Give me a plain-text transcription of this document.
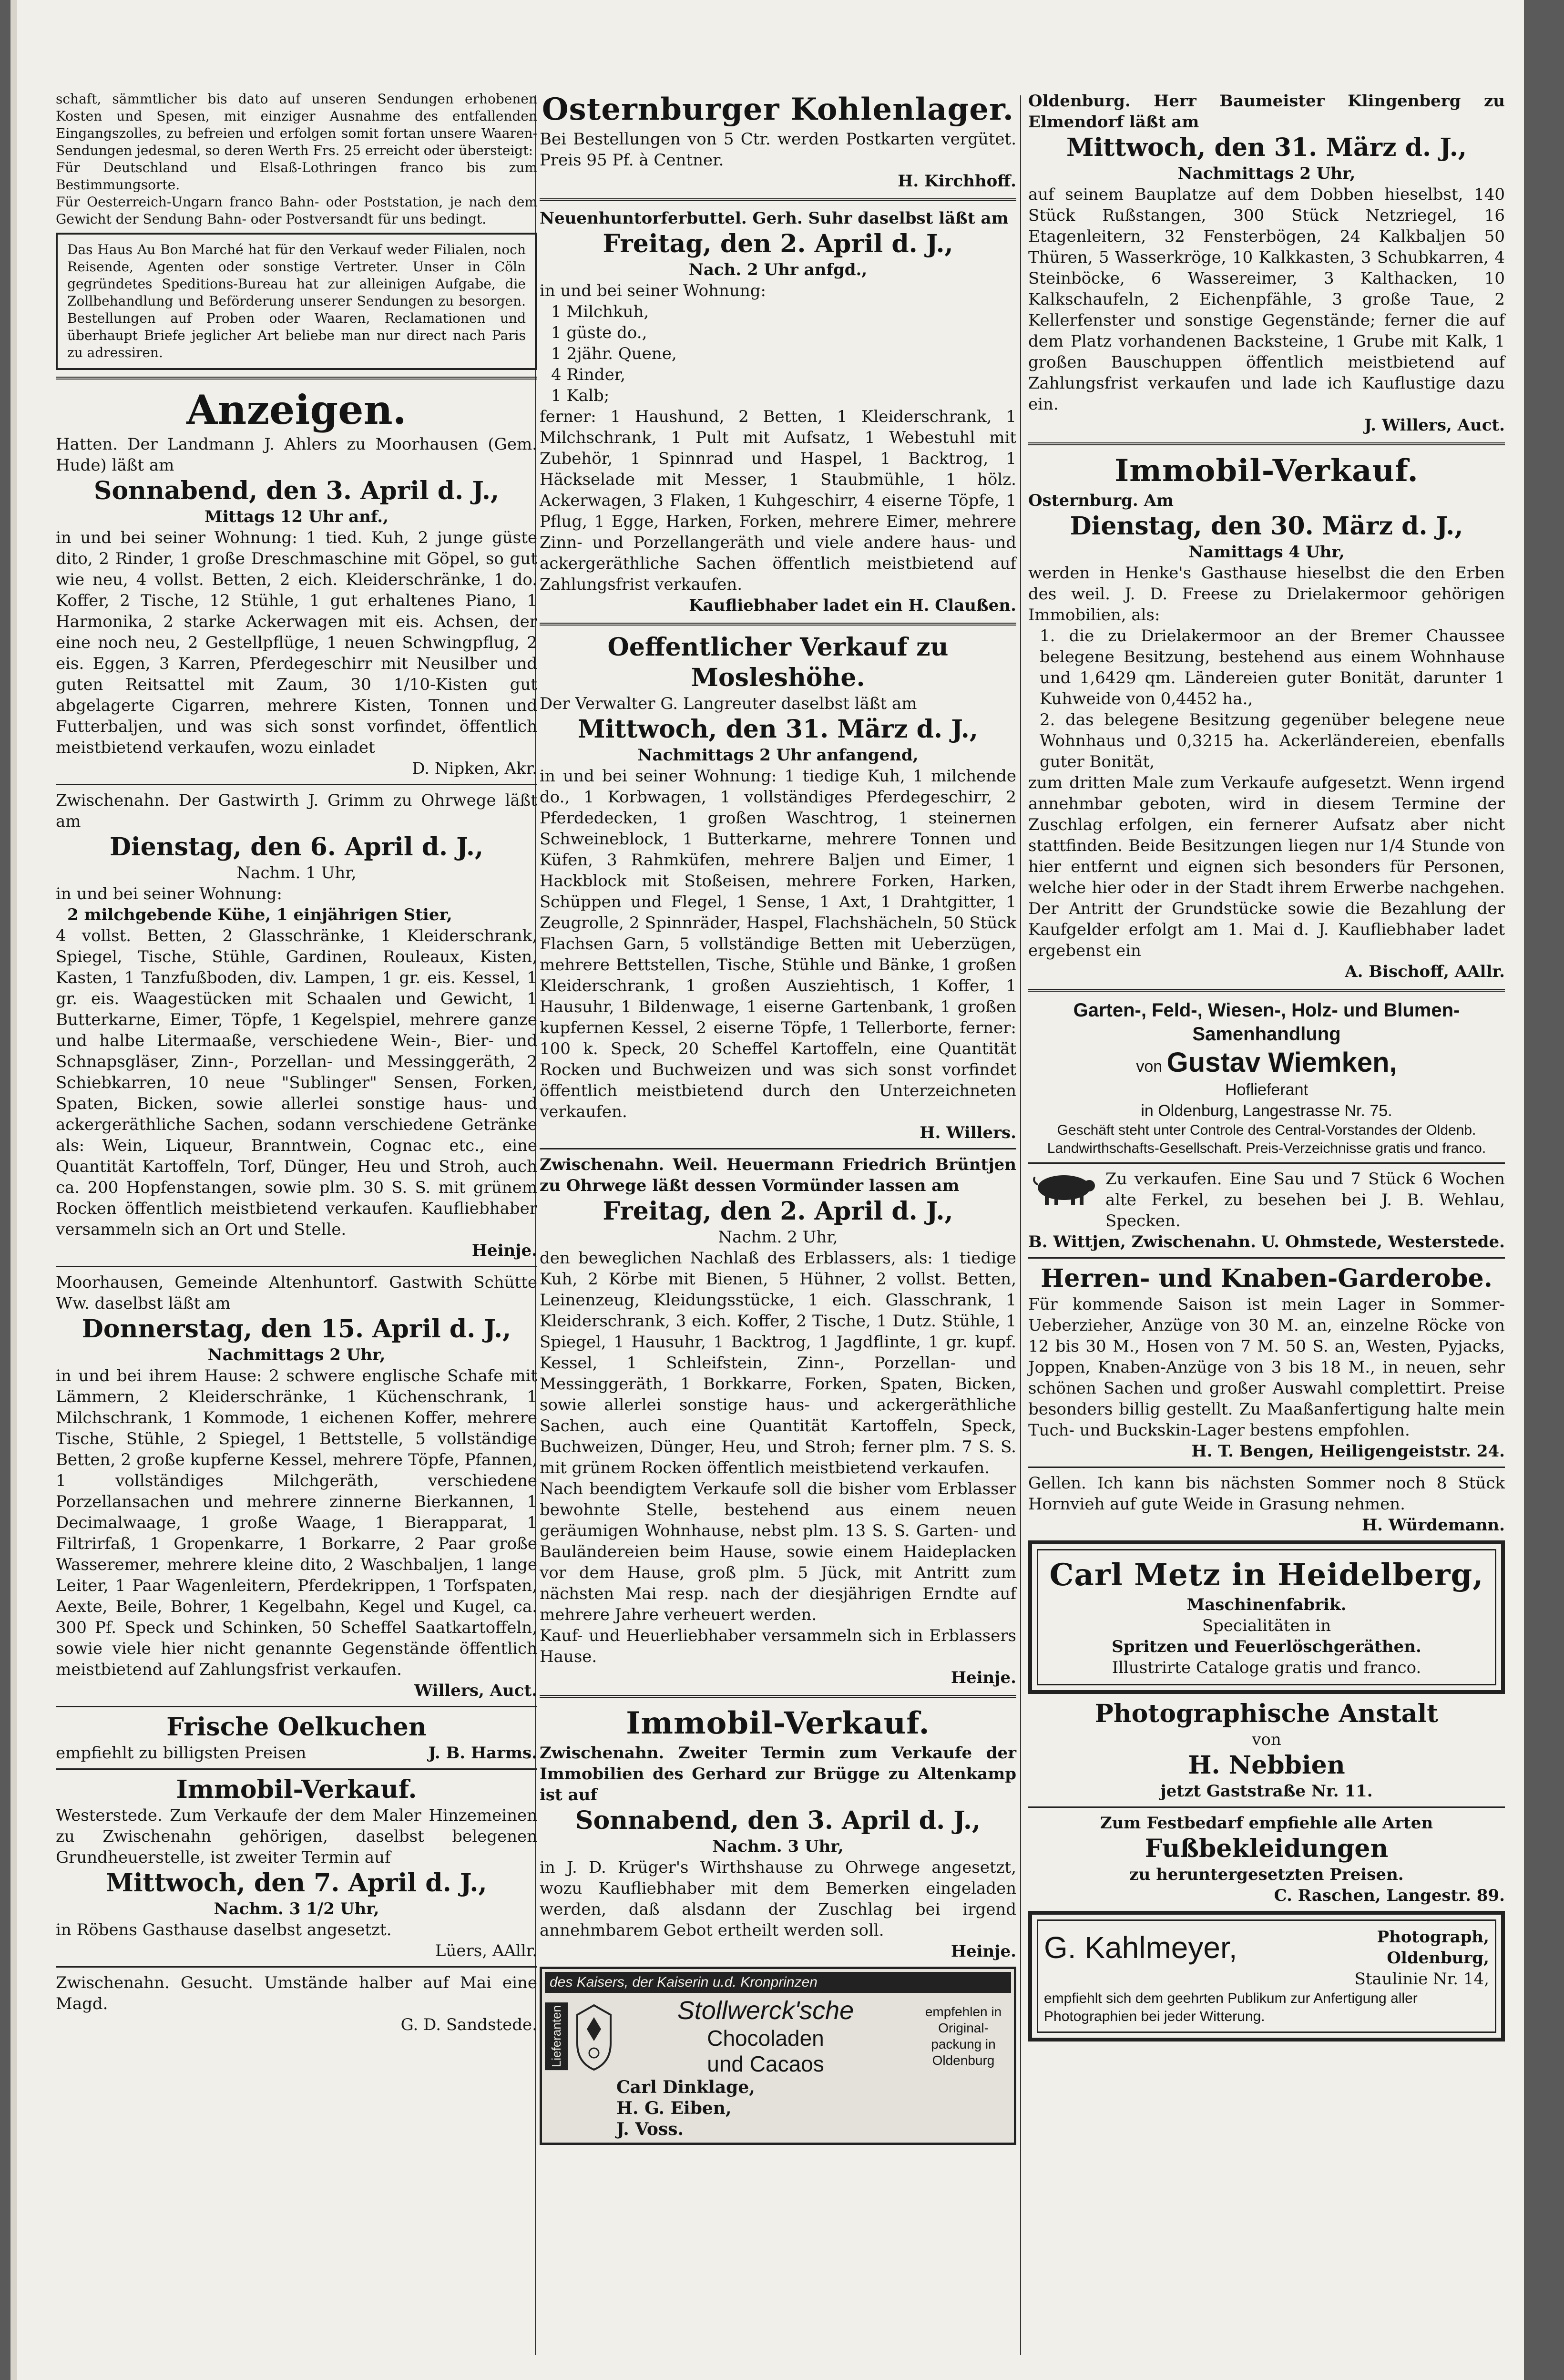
schaft, sämmtlicher bis dato auf unseren Sendungen erhobenen Kosten und Spesen, mit einziger Ausnahme des entfallenden Eingangszolles, zu befreien und erfolgen somit fortan unsere Waaren-Sendungen jedesmal, so deren Werth Frs. 25 erreicht oder übersteigt:

Für Deutschland und Elsaß-Lothringen franco bis zum Bestimmungsorte.

Für Oesterreich-Ungarn franco Bahn- oder Poststation, je nach dem Gewicht der Sendung Bahn- oder Postversandt für uns bedingt.

Das Haus Au Bon Marché hat für den Verkauf weder Filialen, noch Reisende, Agenten oder sonstige Vertreter. Unser in Cöln gegründetes Speditions-Bureau hat zur alleinigen Aufgabe, die Zollbehandlung und Beförderung unserer Sendungen zu besorgen. Bestellungen auf Proben oder Waaren, Reclamationen und überhaupt Briefe jeglicher Art beliebe man nur direct nach Paris zu adressiren.

Anzeigen.

Hatten. Der Landmann J. Ahlers zu Moorhausen (Gem. Hude) läßt am

Sonnabend, den 3. April d. J.,
Mittags 12 Uhr anf.,

in und bei seiner Wohnung: 1 tied. Kuh, 2 junge güste dito, 2 Rinder, 1 große Dreschmaschine mit Göpel, so gut wie neu, 4 vollst. Betten, 2 eich. Kleiderschränke, 1 do. Koffer, 2 Tische, 12 Stühle, 1 gut erhaltenes Piano, 1 Harmonika, 2 starke Ackerwagen mit eis. Achsen, der eine noch neu, 2 Gestellpflüge, 1 neuen Schwingpflug, 2 eis. Eggen, 3 Karren, Pferdegeschirr mit Neusilber und guten Reitsattel mit Zaum, 30 1/10-Kisten gut abgelagerte Cigarren, mehrere Kisten, Tonnen und Futterbaljen, und was sich sonst vorfindet, öffentlich meistbietend verkaufen, wozu einladet

D. Nipken, Akr.

Zwischenahn. Der Gastwirth J. Grimm zu Ohrwege läßt am

Dienstag, den 6. April d. J.,
Nachm. 1 Uhr,

in und bei seiner Wohnung:

2 milchgebende Kühe, 1 einjährigen Stier,

4 vollst. Betten, 2 Glasschränke, 1 Kleiderschrank, Spiegel, Tische, Stühle, Gardinen, Rouleaux, Kisten, Kasten, 1 Tanzfußboden, div. Lampen, 1 gr. eis. Kessel, 1 gr. eis. Waagestücken mit Schaalen und Gewicht, 1 Butterkarne, Eimer, Töpfe, 1 Kegelspiel, mehrere ganze und halbe Litermaaße, verschiedene Wein-, Bier- und Schnapsgläser, Zinn-, Porzellan- und Messinggeräth, 2 Schiebkarren, 10 neue "Sublinger" Sensen, Forken, Spaten, Bicken, sowie allerlei sonstige haus- und ackergeräthliche Sachen, sodann verschiedene Getränke als: Wein, Liqueur, Branntwein, Cognac etc., eine Quantität Kartoffeln, Torf, Dünger, Heu und Stroh, auch ca. 200 Hopfenstangen, sowie plm. 30 S. S. mit grünem Rocken öffentlich meistbietend verkaufen. Kaufliebhaber versammeln sich an Ort und Stelle.

Heinje.

Moorhausen, Gemeinde Altenhuntorf. Gastwith Schütte Ww. daselbst läßt am

Donnerstag, den 15. April d. J.,
Nachmittags 2 Uhr,

in und bei ihrem Hause: 2 schwere englische Schafe mit Lämmern, 2 Kleiderschränke, 1 Küchenschrank, 1 Milchschrank, 1 Kommode, 1 eichenen Koffer, mehrere Tische, Stühle, 2 Spiegel, 1 Bettstelle, 5 vollständige Betten, 2 große kupferne Kessel, mehrere Töpfe, Pfannen, 1 vollständiges Milchgeräth, verschiedene Porzellansachen und mehrere zinnerne Bierkannen, 1 Decimalwaage, 1 große Waage, 1 Bierapparat, 1 Filtrirfaß, 1 Gropenkarre, 1 Borkarre, 2 Paar große Wasseremer, mehrere kleine dito, 2 Waschbaljen, 1 lange Leiter, 1 Paar Wagenleitern, Pferdekrippen, 1 Torfspaten, Aexte, Beile, Bohrer, 1 Kegelbahn, Kegel und Kugel, ca. 300 Pf. Speck und Schinken, 50 Scheffel Saatkartoffeln, sowie viele hier nicht genannte Gegenstände öffentlich meistbietend auf Zahlungsfrist verkaufen.

Willers, Auct.
Frische Oelkuchen
empfiehlt zu billigsten Preisen	J. B. Harms.
Immobil-Verkauf.

Westerstede. Zum Verkaufe der dem Maler Hinzemeinen zu Zwischenahn gehörigen, daselbst belegenen Grundheuerstelle, ist zweiter Termin auf

Mittwoch, den 7. April d. J.,
Nachm. 3 1/2 Uhr,

in Röbens Gasthause daselbst angesetzt.

Lüers, AAllr.

Zwischenahn. Gesucht. Umstände halber auf Mai eine Magd.

G. D. Sandstede.
Osternburger Kohlenlager.

Bei Bestellungen von 5 Ctr. werden Postkarten vergütet. Preis 95 Pf. à Centner.

H. Kirchhoff.

Neuenhuntorferbuttel. Gerh. Suhr daselbst läßt am

Freitag, den 2. April d. J.,
Nach. 2 Uhr anfgd.,

in und bei seiner Wohnung:

1 Milchkuh,
1 güste do.,
1 2jähr. Quene,
4 Rinder,
1 Kalb;

ferner: 1 Haushund, 2 Betten, 1 Kleiderschrank, 1 Milchschrank, 1 Pult mit Aufsatz, 1 Webestuhl mit Zubehör, 1 Spinnrad und Haspel, 1 Backtrog, 1 Häckselade mit Messer, 1 Staubmühle, 1 hölz. Ackerwagen, 3 Flaken, 1 Kuhgeschirr, 4 eiserne Töpfe, 1 Pflug, 1 Egge, Harken, Forken, mehrere Eimer, mehrere Zinn- und Porzellangeräth und viele andere haus- und ackergeräthliche Sachen öffentlich meistbietend auf Zahlungsfrist verkaufen.

Kaufliebhaber ladet ein H. Claußen.
Oeffentlicher Verkauf zu Mosleshöhe.

Der Verwalter G. Langreuter daselbst läßt am

Mittwoch, den 31. März d. J.,
Nachmittags 2 Uhr anfangend,

in und bei seiner Wohnung: 1 tiedige Kuh, 1 milchende do., 1 Korbwagen, 1 vollständiges Pferdegeschirr, 2 Pferdedecken, 1 großen Waschtrog, 1 steinernen Schweineblock, 1 Butterkarne, mehrere Tonnen und Küfen, 3 Rahmküfen, mehrere Baljen und Eimer, 1 Hackblock mit Stoßeisen, mehrere Forken, Harken, Schüppen und Flegel, 1 Sense, 1 Axt, 1 Drahtgitter, 1 Zeugrolle, 2 Spinnräder, Haspel, Flachshächeln, 50 Stück Flachsen Garn, 5 vollständige Betten mit Ueberzügen, mehrere Bettstellen, Tische, Stühle und Bänke, 1 großen Kleiderschrank, 1 großen Ausziehtisch, 1 Koffer, 1 Hausuhr, 1 Bildenwage, 1 eiserne Gartenbank, 1 großen kupfernen Kessel, 2 eiserne Töpfe, 1 Tellerborte, ferner: 100 k. Speck, 20 Scheffel Kartoffeln, eine Quantität Rocken und Buchweizen und was sich sonst vorfindet öffentlich meistbietend durch den Unterzeichneten verkaufen.

H. Willers.

Zwischenahn. Weil. Heuermann Friedrich Brüntjen zu Ohrwege läßt dessen Vormünder lassen am

Freitag, den 2. April d. J.,
Nachm. 2 Uhr,

den beweglichen Nachlaß des Erblassers, als: 1 tiedige Kuh, 2 Körbe mit Bienen, 5 Hühner, 2 vollst. Betten, Leinenzeug, Kleidungsstücke, 1 eich. Glasschrank, 1 Kleiderschrank, 3 eich. Koffer, 2 Tische, 1 Dutz. Stühle, 1 Spiegel, 1 Hausuhr, 1 Backtrog, 1 Jagdflinte, 1 gr. kupf. Kessel, 1 Schleifstein, Zinn-, Porzellan- und Messinggeräth, 1 Borkkarre, Forken, Spaten, Bicken, sowie allerlei sonstige haus- und ackergeräthliche Sachen, auch eine Quantität Kartoffeln, Speck, Buchweizen, Dünger, Heu, und Stroh; ferner plm. 7 S. S. mit grünem Rocken öffentlich meistbietend verkaufen.

Nach beendigtem Verkaufe soll die bisher vom Erblasser bewohnte Stelle, bestehend aus einem neuen geräumigen Wohnhause, nebst plm. 13 S. S. Garten- und Bauländereien beim Hause, sowie einem Haideplacken vor dem Hause, groß plm. 5 Jück, mit Antritt zum nächsten Mai resp. nach der diesjährigen Erndte auf mehrere Jahre verheuert werden.

Kauf- und Heuerliebhaber versammeln sich in Erblassers Hause.

Heinje.
Immobil-Verkauf.

Zwischenahn. Zweiter Termin zum Verkaufe der Immobilien des Gerhard zur Brügge zu Altenkamp ist auf

Sonnabend, den 3. April d. J.,
Nachm. 3 Uhr,

in J. D. Krüger's Wirthshause zu Ohrwege angesetzt, wozu Kaufliebhaber mit dem Bemerken eingeladen werden, daß alsdann der Zuschlag bei irgend annehmbarem Gebot ertheilt werden soll.

Heinje.
des Kaisers, der Kaiserin u.d. Kronprinzen
Lieferanten	Stollwerck'sche
Chocoladen
und Cacaos
empfehlen in Original-packung in Oldenburg
Carl Dinklage,
H. G. Eiben,
J. Voss.

Oldenburg. Herr Baumeister Klingenberg zu Elmendorf läßt am

Mittwoch, den 31. März d. J.,
Nachmittags 2 Uhr,

auf seinem Bauplatze auf dem Dobben hieselbst, 140 Stück Rußstangen, 300 Stück Netzriegel, 16 Etagenleitern, 32 Fensterbögen, 24 Kalkbaljen 50 Thüren, 5 Wasserkröge, 10 Kalkkasten, 3 Schubkarren, 4 Steinböcke, 6 Wassereimer, 3 Kalthacken, 10 Kalkschaufeln, 2 Eichenpfähle, 3 große Taue, 2 Kellerfenster und sonstige Gegenstände; ferner die auf dem Platz vorhandenen Backsteine, 1 Grube mit Kalk, 1 großen Bauschuppen öffentlich meistbietend auf Zahlungsfrist verkaufen und lade ich Kauflustige dazu ein.

J. Willers, Auct.
Immobil-Verkauf.

Osternburg. Am

Dienstag, den 30. März d. J.,
Namittags 4 Uhr,

werden in Henke's Gasthause hieselbst die den Erben des weil. J. D. Freese zu Drielakermoor gehörigen Immobilien, als:

1. die zu Drielakermoor an der Bremer Chaussee belegene Besitzung, bestehend aus einem Wohnhause und 1,6429 qm. Ländereien guter Bonität, darunter 1 Kuhweide von 0,4452 ha.,

2. das belegene Besitzung gegenüber belegene neue Wohnhaus und 0,3215 ha. Ackerländereien, ebenfalls guter Bonität,

zum dritten Male zum Verkaufe aufgesetzt. Wenn irgend annehmbar geboten, wird in diesem Termine der Zuschlag erfolgen, ein fernerer Aufsatz aber nicht stattfinden. Beide Besitzungen liegen nur 1/4 Stunde von hier entfernt und eignen sich besonders für Personen, welche hier oder in der Stadt ihrem Erwerbe nachgehen. Der Antritt der Grundstücke sowie die Bezahlung der Kaufgelder erfolgt am 1. Mai d. J. Kaufliebhaber ladet ergebenst ein

A. Bischoff, AAllr.
Garten-, Feld-, Wiesen-, Holz- und Blumen-Samenhandlung
von Gustav Wiemken,
Hoflieferant
in Oldenburg, Langestrasse Nr. 75.
Geschäft steht unter Controle des Central-Vorstandes der Oldenb. Landwirthschafts-Gesellschaft. Preis-Verzeichnisse gratis und franco.

Zu verkaufen. Eine Sau und 7 Stück 6 Wochen alte Ferkel, zu besehen bei J. B. Wehlau, Specken.

B. Wittjen, Zwischenahn. U. Ohmstede, Westerstede.
Herren- und Knaben-Garderobe.

Für kommende Saison ist mein Lager in Sommer-Ueberzieher, Anzüge von 30 M. an, einzelne Röcke von 12 bis 30 M., Hosen von 7 M. 50 S. an, Westen, Pyjacks, Joppen, Knaben-Anzüge von 3 bis 18 M., in neuen, sehr schönen Sachen und großer Auswahl complettirt. Preise besonders billig gestellt. Zu Maaßanfertigung halte mein Tuch- und Buckskin-Lager bestens empfohlen.

H. T. Bengen, Heiligengeiststr. 24.

Gellen. Ich kann bis nächsten Sommer noch 8 Stück Hornvieh auf gute Weide in Grasung nehmen.

H. Würdemann.
Carl Metz in Heidelberg,
Maschinenfabrik.
Specialitäten in
Spritzen und Feuerlöschgeräthen.
Illustrirte Cataloge gratis und franco.
Photographische Anstalt
von
H. Nebbien
jetzt Gaststraße Nr. 11.
Zum Festbedarf empfiehle alle Arten
Fußbekleidungen
zu heruntergesetzten Preisen.
C. Raschen, Langestr. 89.
G. Kahlmeyer,	Photograph,
Oldenburg,
Staulinie Nr. 14,
empfiehlt sich dem geehrten Publikum zur Anfertigung aller Photographien bei jeder Witterung.
